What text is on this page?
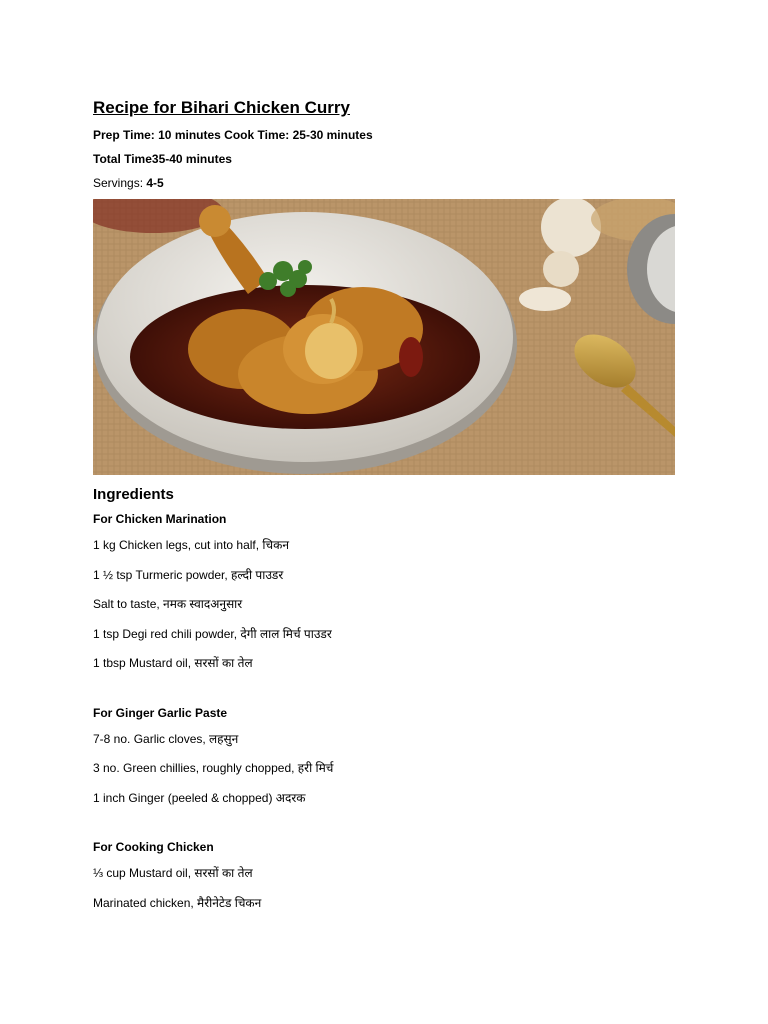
Recipe for Bihari Chicken Curry
Prep Time: 10 minutes Cook Time: 25-30 minutes
Total Time35-40 minutes
Servings: 4-5
Ingredients
For Chicken Marination
1 kg Chicken legs, cut into half, चिकन
1 ½ tsp Turmeric powder, हल्दी पाउडर
Salt to taste, नमक स्वादअनुसार
1 tsp Degi red chili powder, देगी लाल मिर्च पाउडर
1 tbsp Mustard oil, सरसों का तेल
For Ginger Garlic Paste
7-8 no. Garlic cloves, लहसुन
3 no. Green chillies, roughly chopped, हरी मिर्च
1 inch Ginger (peeled & chopped) अदरक
For Cooking Chicken
⅓ cup Mustard oil, सरसों का तेल
Marinated chicken, मैरीनेटेड चिकन
